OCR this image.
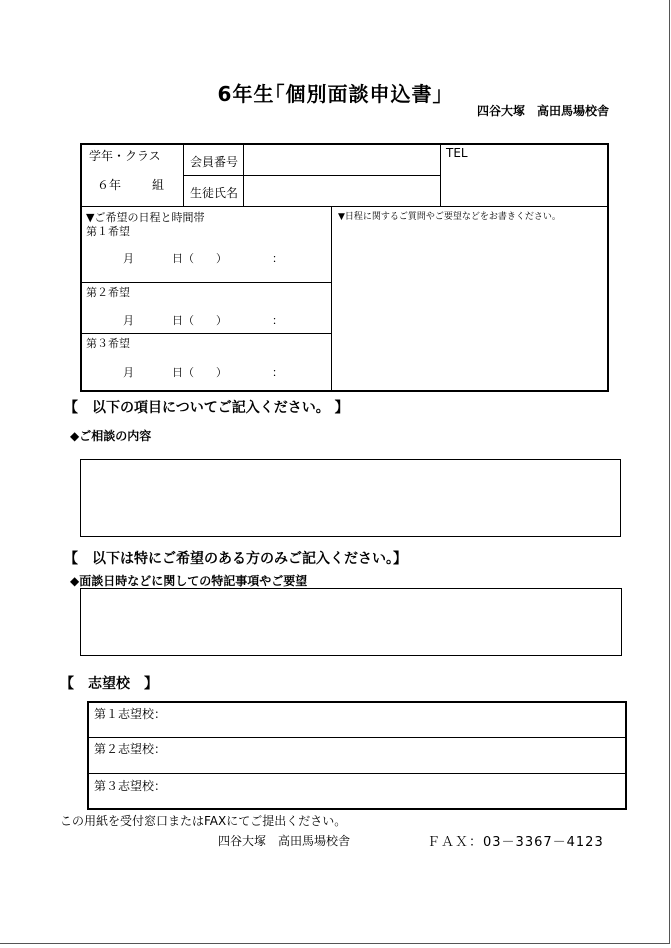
6年生｢個別面談申込書」
四谷大塚　高田馬場校舎
学年・クラス
６年	組
会員番号
生徒氏名
TEL
▼ご希望の日程と時間帯	▼日程に関するご質問やご要望などをお書きください。
第１希望
月	日（　　）	：
第２希望
月	日（　　）	：
第３希望
月	日（　　）	：
【　以下の項目についてご記入ください。 】
◆ご相談の内容
【　以下は特にご希望のある方のみご記入ください。】
◆面談日時などに関しての特記事項やご要望
【　志望校　】
第１志望校：
第２志望校：
第３志望校：
この用紙を受付窓口またはFAXにてご提出ください。
四谷大塚　高田馬場校舎	ＦＡＸ：03－3367－4123
